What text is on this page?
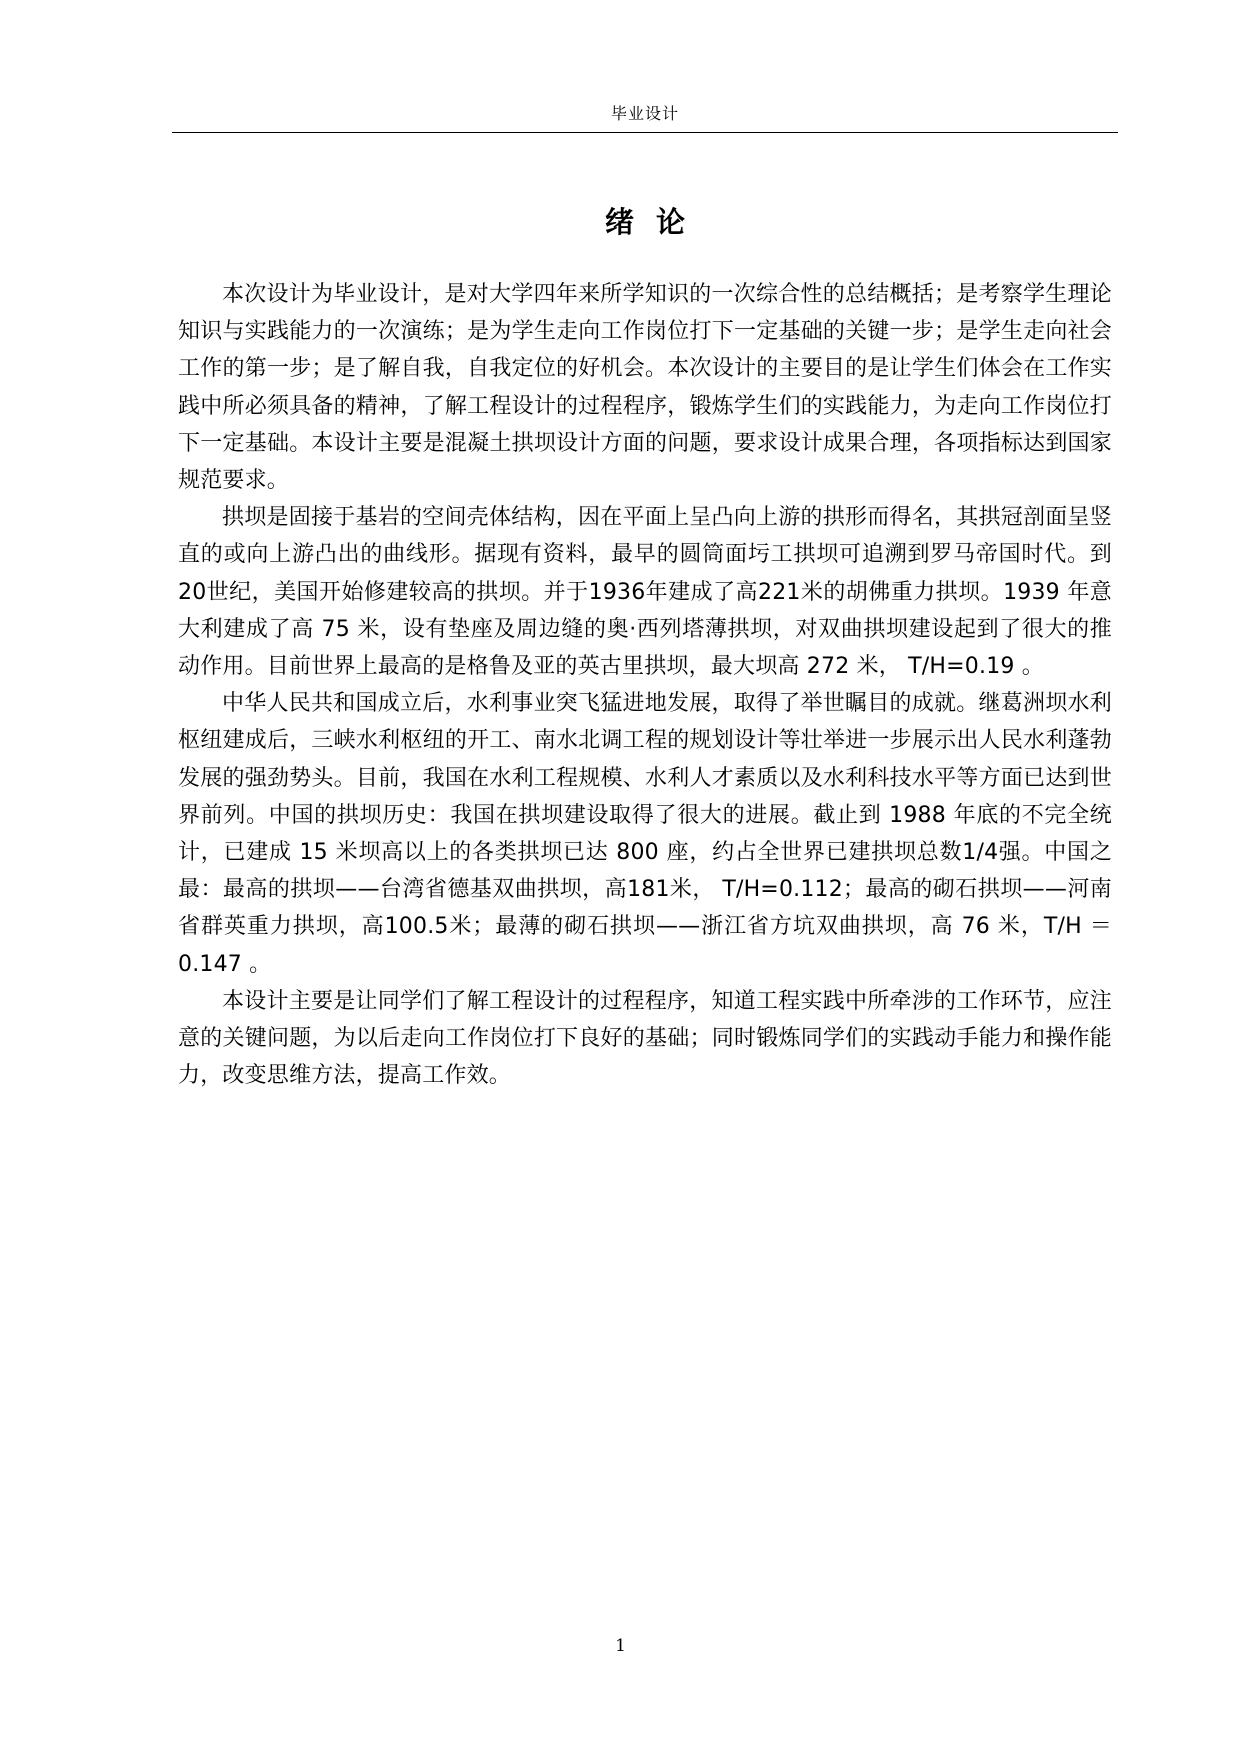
毕业设计
绪论

本次设计为毕业设计，是对大学四年来所学知识的一次综合性的总结概括；是考察学生理论知识与实践能力的一次演练；是为学生走向工作岗位打下一定基础的关键一步；是学生走向社会工作的第一步；是了解自我，自我定位的好机会。本次设计的主要目的是让学生们体会在工作实践中所必须具备的精神，了解工程设计的过程程序，锻炼学生们的实践能力，为走向工作岗位打下一定基础。本设计主要是混凝土拱坝设计方面的问题，要求设计成果合理，各项指标达到国家规范要求。

拱坝是固接于基岩的空间壳体结构，因在平面上呈凸向上游的拱形而得名，其拱冠剖面呈竖直的或向上游凸出的曲线形。据现有资料，最早的圆筒面圬工拱坝可追溯到罗马帝国时代。到20世纪，美国开始修建较高的拱坝。并于1936年建成了高221米的胡佛重力拱坝。1939 年意大利建成了高 75 米，设有垫座及周边缝的奥·西列塔薄拱坝，对双曲拱坝建设起到了很大的推动作用。目前世界上最高的是格鲁及亚的英古里拱坝，最大坝高 272 米， T/H=0.19 。

中华人民共和国成立后，水利事业突飞猛进地发展，取得了举世瞩目的成就。继葛洲坝水利枢纽建成后，三峡水利枢纽的开工、南水北调工程的规划设计等壮举进一步展示出人民水利蓬勃发展的强劲势头。目前，我国在水利工程规模、水利人才素质以及水利科技水平等方面已达到世界前列。中国的拱坝历史：我国在拱坝建设取得了很大的进展。截止到 1988 年底的不完全统计，已建成 15 米坝高以上的各类拱坝已达 800 座，约占全世界已建拱坝总数1/4强。中国之最：最高的拱坝——台湾省德基双曲拱坝，高181米， T/H=0.112；最高的砌石拱坝——河南省群英重力拱坝，高100.5米；最薄的砌石拱坝——浙江省方坑双曲拱坝，高 76 米，T/H ＝0.147 。

本设计主要是让同学们了解工程设计的过程程序，知道工程实践中所牵涉的工作环节，应注意的关键问题，为以后走向工作岗位打下良好的基础；同时锻炼同学们的实践动手能力和操作能力，改变思维方法，提高工作效。

1
